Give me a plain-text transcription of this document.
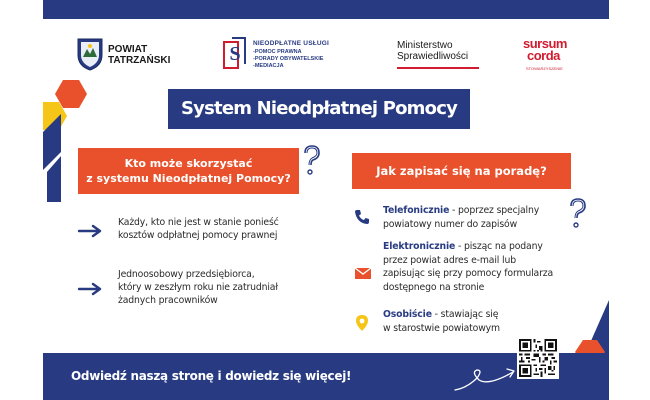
POWIAT
TATRZAŃSKI	S NIEODPŁATNE USŁUGI
-POMOC PRAWNA
-PORADY OBYWATELSKIE
-MEDIACJA
Ministerstwo
Sprawiedliwości
sursum
corda
STOWARZYSZENIE
System Nieodpłatnej Pomocy
Kto może skorzystać
z systemu Nieodpłatnej Pomocy?
Jak zapisać się na poradę?
Każdy, kto nie jest w stanie ponieść
kosztów odpłatnej pomocy prawnej
Jednoosobowy przedsiębiorca,
który w zeszłym roku nie zatrudniał
żadnych pracowników
Telefonicznie - poprzez specjalny
powiatowy numer do zapisów
Elektronicznie - pisząc na podany
przez powiat adres e-mail lub
zapisując się przy pomocy formularza
dostępnego na stronie
Osobiście - stawiając się
w starostwie powiatowym
Odwiedź naszą stronę i dowiedz się więcej!
